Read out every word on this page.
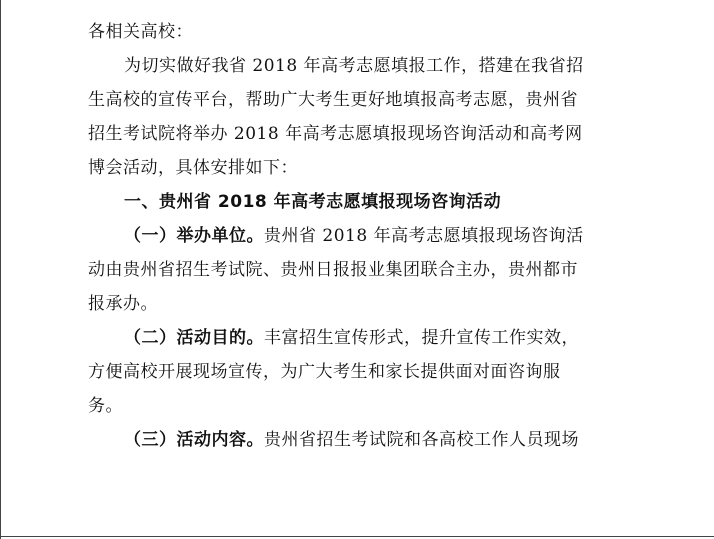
各相关高校：
为切实做好我省 2018 年高考志愿填报工作，搭建在我省招
生高校的宣传平台，帮助广大考生更好地填报高考志愿，贵州省
招生考试院将举办 2018 年高考志愿填报现场咨询活动和高考网
博会活动，具体安排如下：
一、贵州省 2018 年高考志愿填报现场咨询活动
（一）举办单位。贵州省 2018 年高考志愿填报现场咨询活
动由贵州省招生考试院、贵州日报报业集团联合主办，贵州都市
报承办。
（二）活动目的。丰富招生宣传形式，提升宣传工作实效，
方便高校开展现场宣传，为广大考生和家长提供面对面咨询服
务。
（三）活动内容。贵州省招生考试院和各高校工作人员现场
